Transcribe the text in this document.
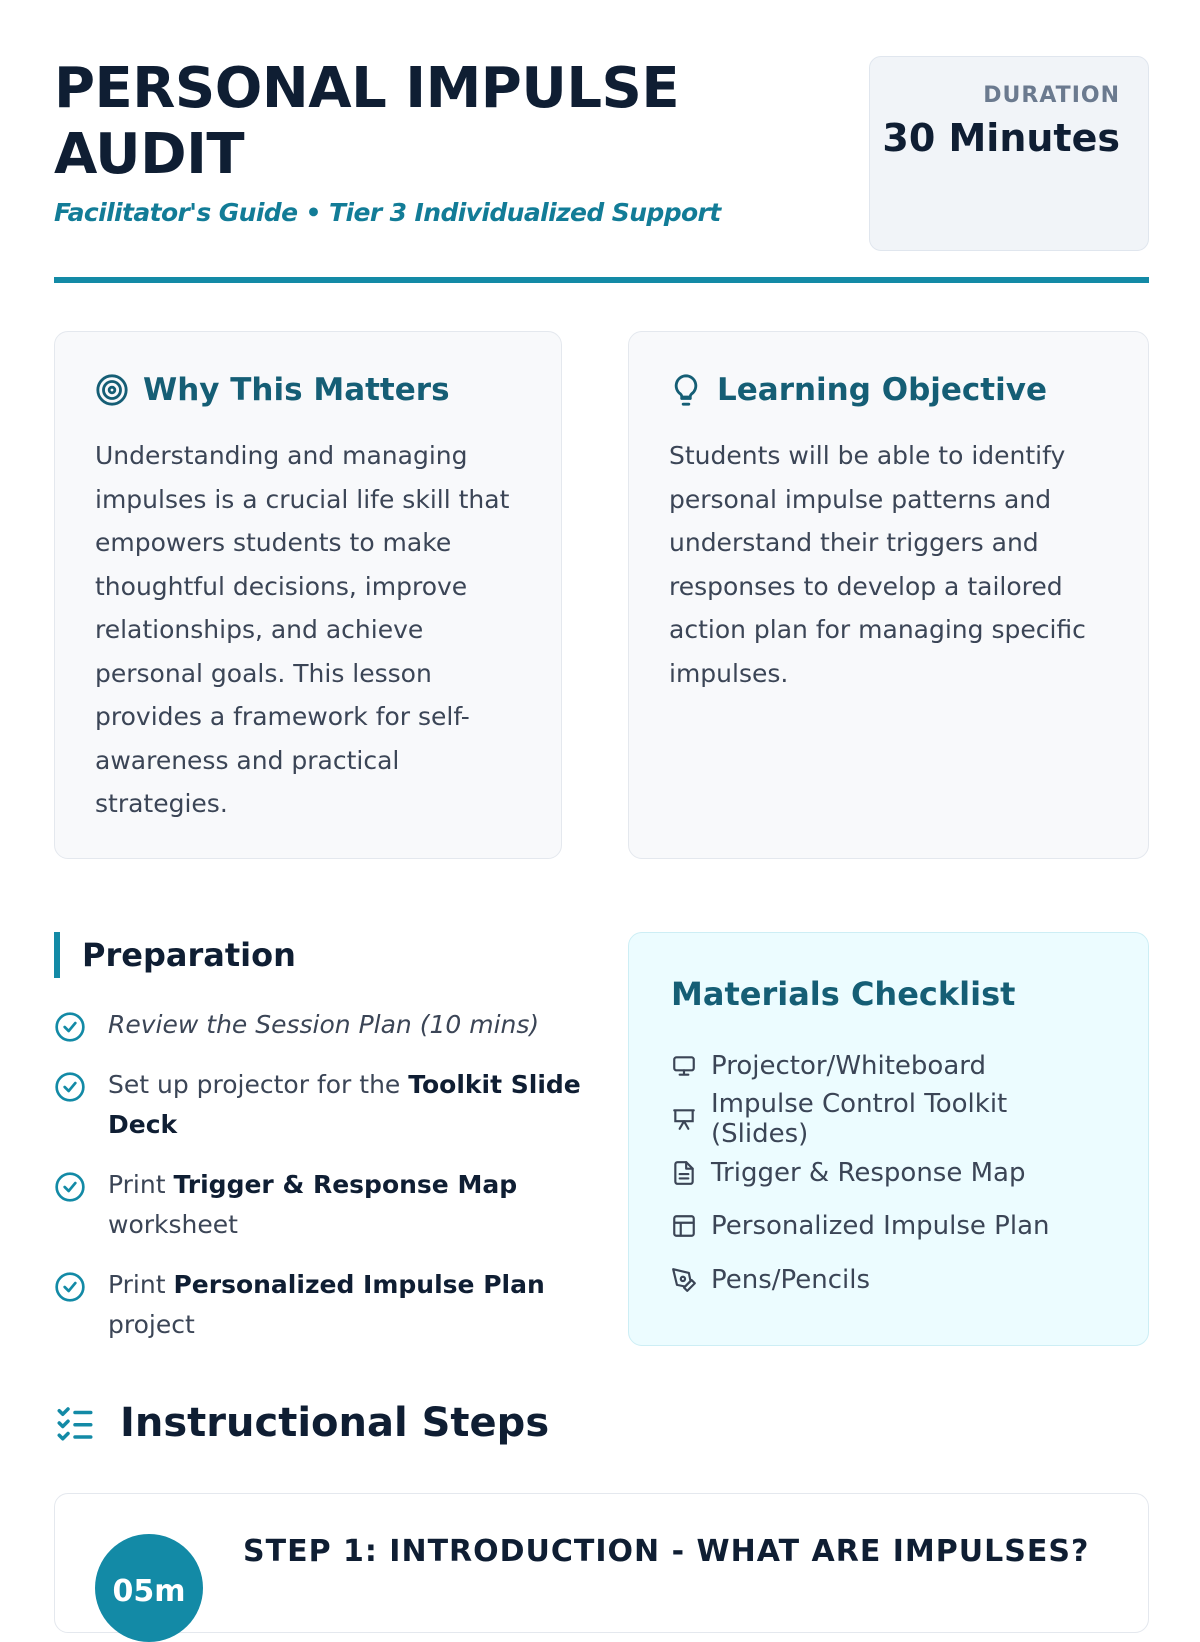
PERSONAL IMPULSE AUDIT
Facilitator's Guide • Tier 3 Individualized Support
DURATION
30 Minutes
Why This Matters

Understanding and managing impulses is a crucial life skill that empowers students to make thoughtful decisions, improve relationships, and achieve personal goals. This lesson provides a framework for self-awareness and practical strategies.

Learning Objective

Students will be able to identify personal impulse patterns and understand their triggers and responses to develop a tailored action plan for managing specific impulses.

Preparation
Review the Session Plan (10 mins)
Set up projector for the Toolkit Slide Deck
Print Trigger & Response Map worksheet
Print Personalized Impulse Plan project
Materials Checklist
Projector/Whiteboard
Impulse Control Toolkit (Slides)
Trigger & Response Map
Personalized Impulse Plan
Pens/Pencils
Instructional Steps
05m
STEP 1: INTRODUCTION - WHAT ARE IMPULSES?
